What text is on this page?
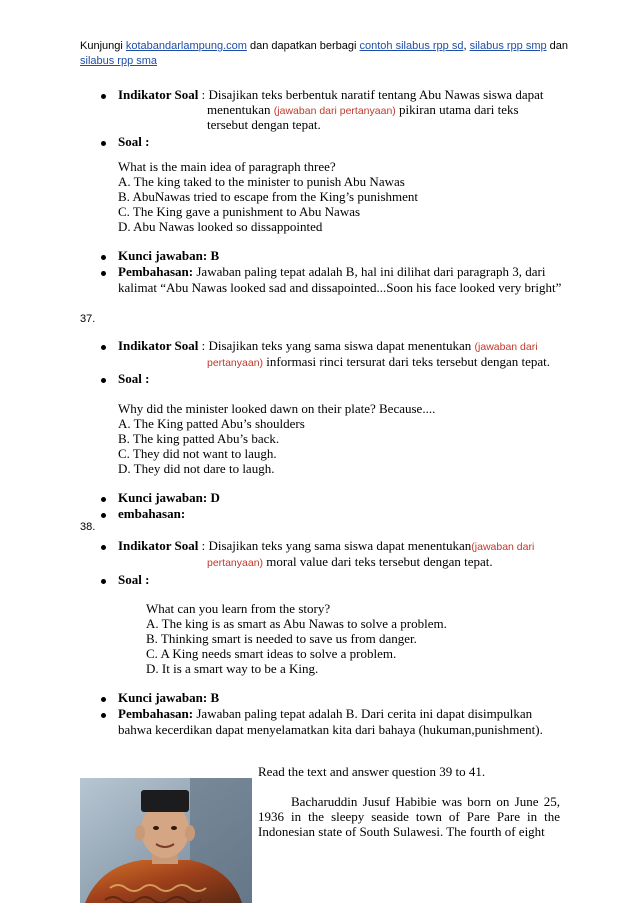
Kunjungi kotabandarlampung.com dan dapatkan berbagi contoh silabus rpp sd, silabus rpp smp dan
silabus rpp sma
Indikator Soal : Disajikan teks berbentuk naratif tentang Abu Nawas siswa dapat
menentukan (jawaban dari pertanyaan) pikiran utama dari teks
tersebut dengan tepat.
Soal :
What is the main idea of paragraph three?
A. The king taked to the minister to punish Abu Nawas
B. AbuNawas tried to escape from the King’s punishment
C. The King gave a punishment to Abu Nawas
D. Abu Nawas looked so dissappointed
Kunci jawaban: B
Pembahasan: Jawaban paling tepat adalah B, hal ini dilihat dari paragraph 3, dari
kalimat “Abu Nawas looked sad and dissapointed...Soon his face looked very bright”
37.
Indikator Soal : Disajikan teks yang sama siswa dapat menentukan (jawaban dari
pertanyaan) informasi rinci tersurat dari teks tersebut dengan tepat.
Soal :
Why did the minister looked dawn on their plate? Because....
A. The King patted Abu’s shoulders
B. The king patted Abu’s back.
C. They did not want to laugh.
D. They did not dare to laugh.
Kunci jawaban: D
embahasan:
38.
Indikator Soal : Disajikan teks yang sama siswa dapat menentukan(jawaban dari
pertanyaan) moral value dari teks tersebut dengan tepat.
Soal :
What can you learn from the story?
A. The king is as smart as Abu Nawas to solve a problem.
B. Thinking smart is needed to save us from danger.
C. A King needs smart ideas to solve a problem.
D. It is a smart way to be a King.
Kunci jawaban: B
Pembahasan: Jawaban paling tepat adalah B. Dari cerita ini dapat disimpulkan
bahwa kecerdikan dapat menyelamatkan kita dari bahaya (hukuman,punishment).
Read the text and answer question 39 to 41.
Bacharuddin Jusuf Habibie was born on June 25, 1936 in the sleepy seaside town of Pare Pare in the Indonesian state of South Sulawesi. The fourth of eight
